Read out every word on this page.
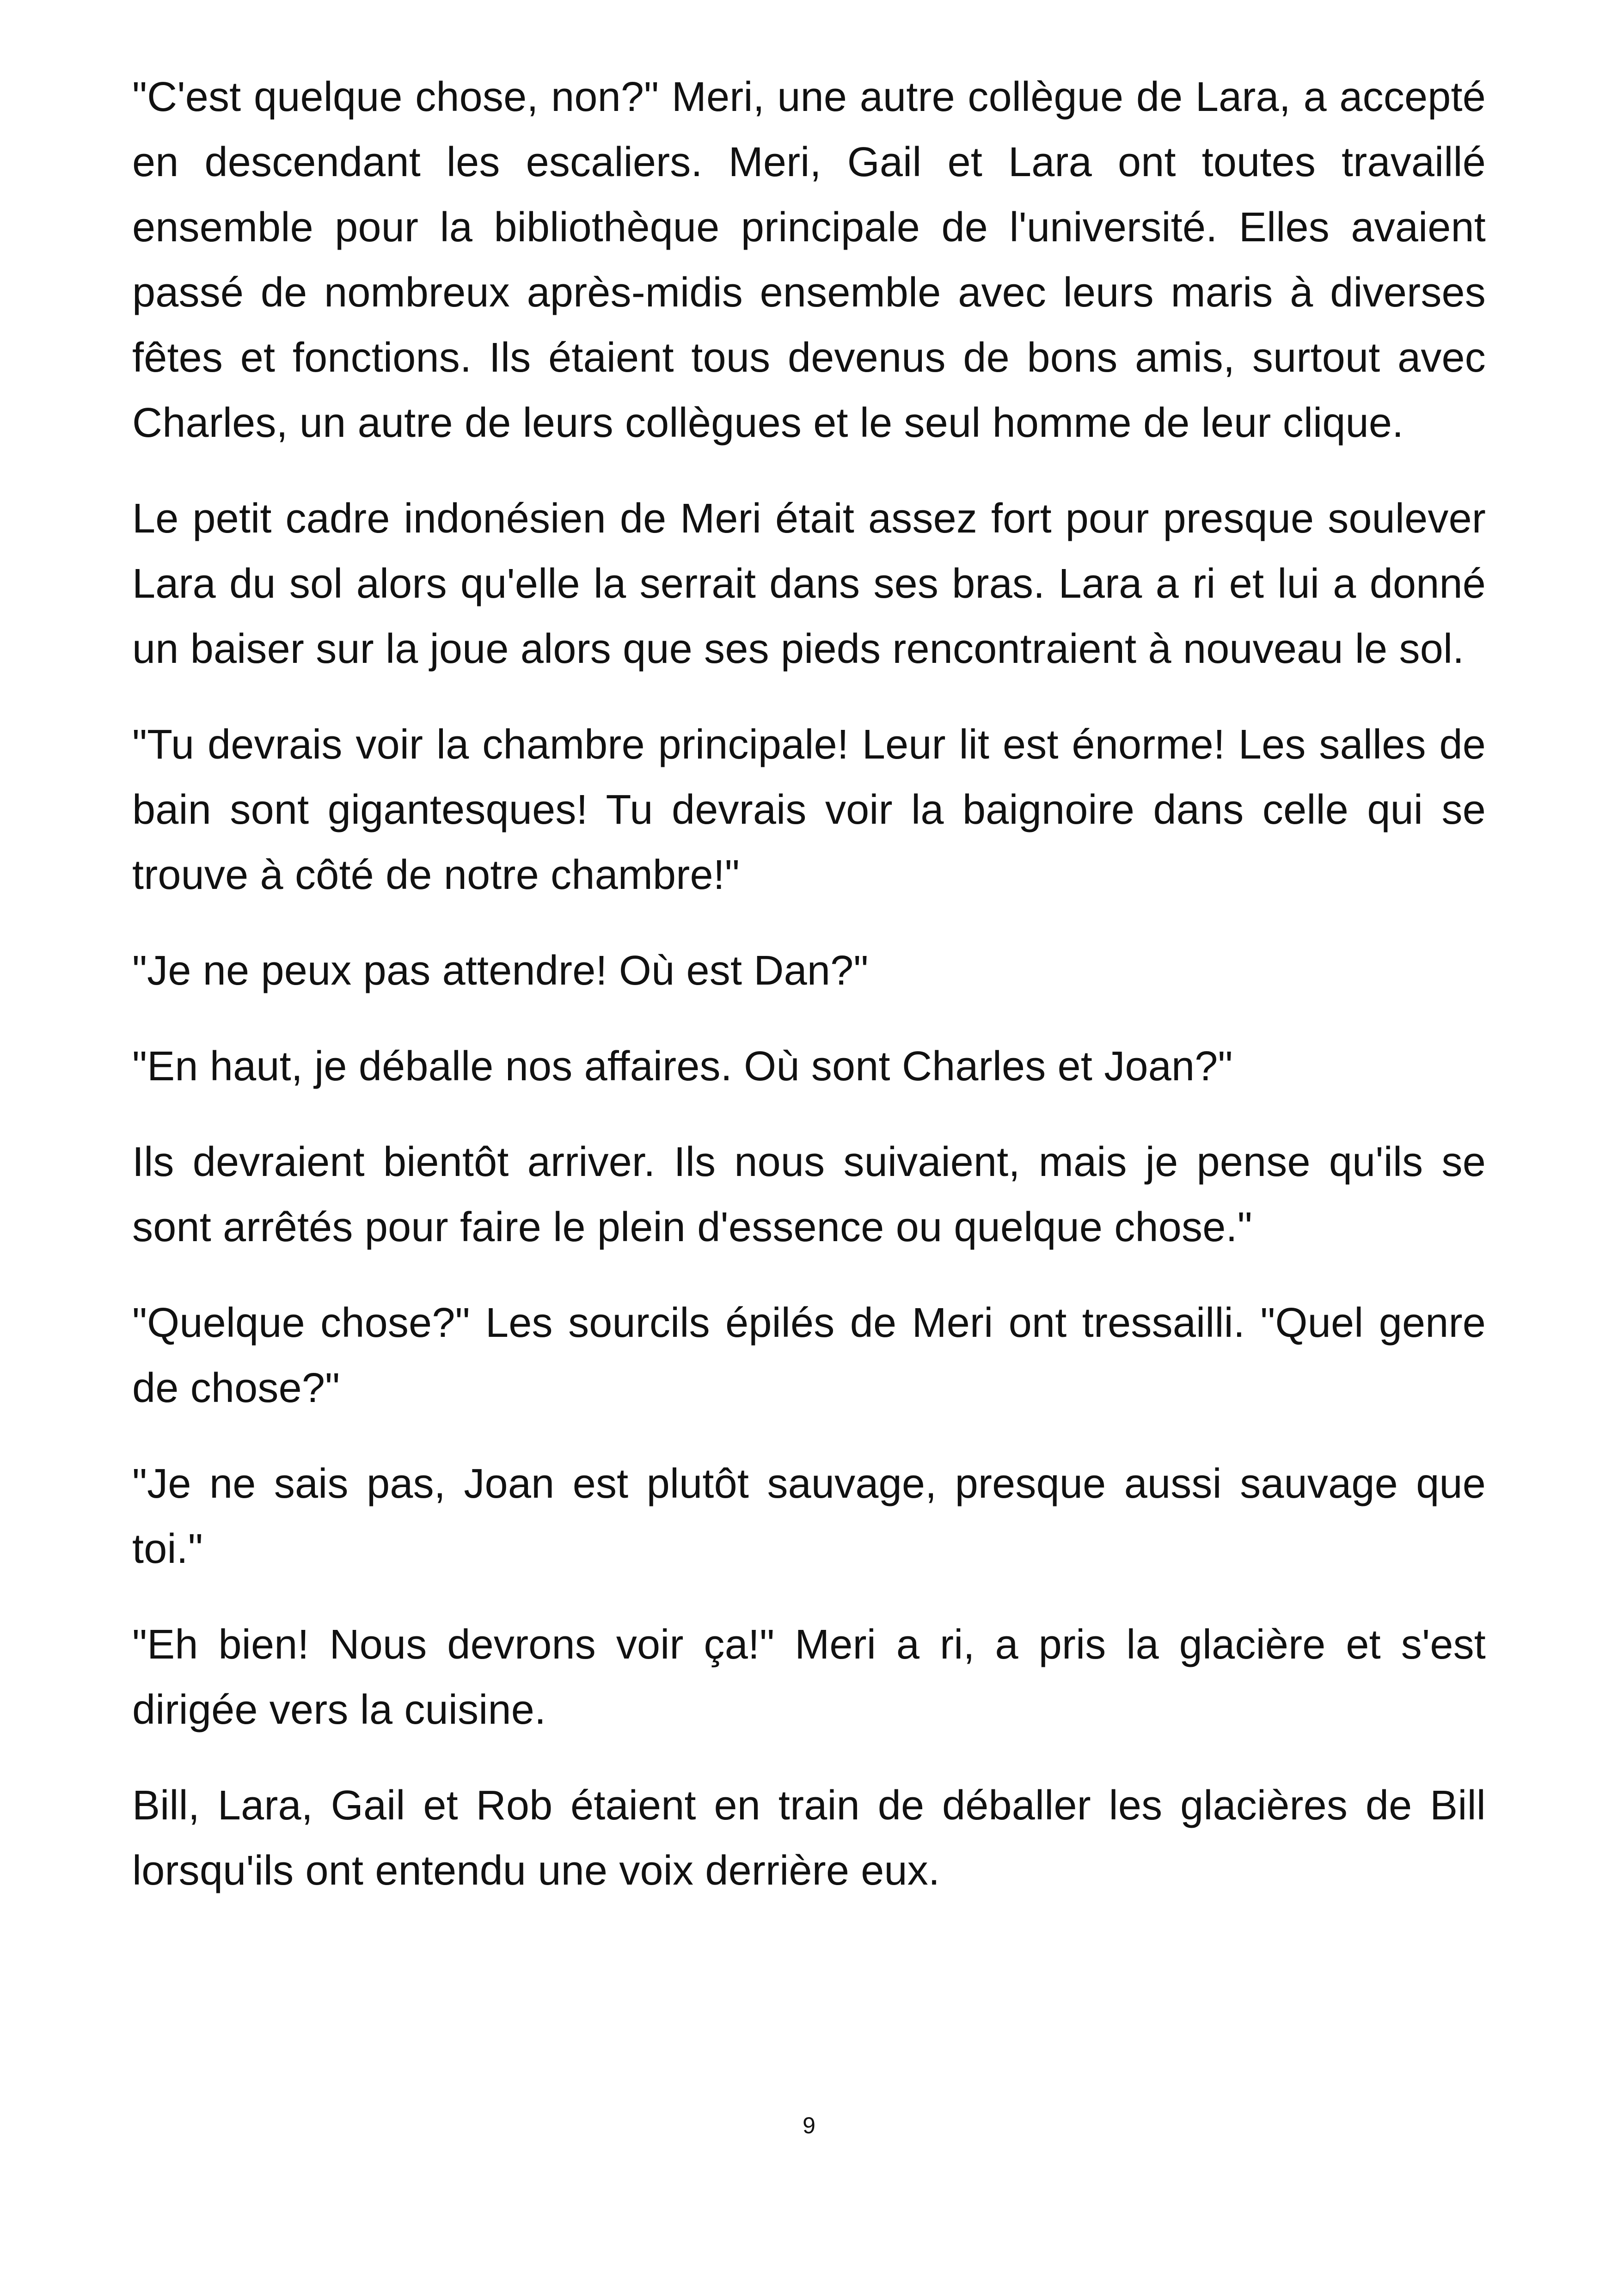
"C'est quelque chose, non?" Meri, une autre collègue de Lara, a accepté en descendant les escaliers. Meri, Gail et Lara ont toutes travaillé ensemble pour la bibliothèque principale de l'université. Elles avaient passé de nombreux après-midis ensemble avec leurs maris à diverses fêtes et fonctions. Ils étaient tous devenus de bons amis, surtout avec Charles, un autre de leurs collègues et le seul homme de leur clique.

Le petit cadre indonésien de Meri était assez fort pour presque soulever Lara du sol alors qu'elle la serrait dans ses bras. Lara a ri et lui a donné un baiser sur la joue alors que ses pieds rencontraient à nouveau le sol.

"Tu devrais voir la chambre principale! Leur lit est énorme! Les salles de bain sont gigantesques! Tu devrais voir la baignoire dans celle qui se trouve à côté de notre chambre!"

"Je ne peux pas attendre! Où est Dan?"

"En haut, je déballe nos affaires. Où sont Charles et Joan?"

Ils devraient bientôt arriver. Ils nous suivaient, mais je pense qu'ils se sont arrêtés pour faire le plein d'essence ou quelque chose."

"Quelque chose?" Les sourcils épilés de Meri ont tressailli. "Quel genre de chose?"

"Je ne sais pas, Joan est plutôt sauvage, presque aussi sauvage que toi."

"Eh bien! Nous devrons voir ça!" Meri a ri, a pris la glacière et s'est dirigée vers la cuisine.

Bill, Lara, Gail et Rob étaient en train de déballer les glacières de Bill lorsqu'ils ont entendu une voix derrière eux.

9
